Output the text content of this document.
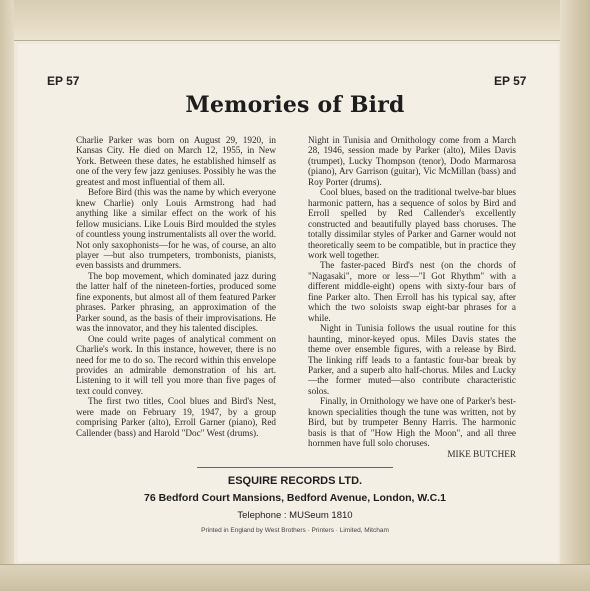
EP 57	EP 57
Memories of Bird

Charlie Parker was born on August 29, 1920, in Kansas City. He died on March 12, 1955, in New York. Between these dates, he established himself as one of the very few jazz geniuses. Possibly he was the greatest and most influential of them all.

Before Bird (this was the name by which everyone knew Charlie) only Louis Armstrong had had anything like a similar effect on the work of his fellow musicians. Like Louis Bird moulded the styles of countless young instrumentalists all over the world. Not only saxophonists—for he was, of course, an alto player —but also trumpeters, trombonists, pianists, even bassists and drummers.

The bop movement, which dominated jazz during the latter half of the nineteen-forties, produced some fine exponents, but almost all of them featured Parker phrases. Parker phrasing, an approximation of the Parker sound, as the basis of their improvisations. He was the innovator, and they his talented disciples.

One could write pages of analytical comment on Charlie's work. In this instance, however, there is no need for me to do so. The record within this envelope provides an admirable demonstration of his art. Listening to it will tell you more than five pages of text could convey.

The first two titles, Cool blues and Bird's Nest, were made on February 19, 1947, by a group comprising Parker (alto), Erroll Garner (piano), Red Callender (bass) and Harold "Doc" West (drums).

Night in Tunisia and Ornithology come from a March 28, 1946, session made by Parker (alto), Miles Davis (trumpet), Lucky Thompson (tenor), Dodo Marmarosa (piano), Arv Garrison (guitar), Vic McMillan (bass) and Roy Porter (drums).

Cool blues, based on the traditional twelve-bar blues harmonic pattern, has a sequence of solos by Bird and Erroll spelled by Red Callender's excellently constructed and beautifully played bass choruses. The totally dissimilar styles of Parker and Garner would not theoretically seem to be compatible, but in practice they work well together.

The faster-paced Bird's nest (on the chords of "Nagasaki", more or less—"I Got Rhythm" with a different middle-eight) opens with sixty-four bars of fine Parker alto. Then Erroll has his typical say, after which the two soloists swap eight-bar phrases for a while.

Night in Tunisia follows the usual routine for this haunting, minor-keyed opus. Miles Davis states the theme over ensemble figures, with a release by Bird. The linking riff leads to a fantastic four-bar break by Parker, and a superb alto half-chorus. Miles and Lucky—the former muted—also contribute characteristic solos.

Finally, in Ornithology we have one of Parker's best-known specialities though the tune was written, not by Bird, but by trumpeter Benny Harris. The harmonic basis is that of "How High the Moon", and all three hornmen have full solo choruses.

MIKE BUTCHER
ESQUIRE RECORDS LTD.
76 Bedford Court Mansions, Bedford Avenue, London, W.C.1
Telephone : MUSeum 1810
Printed in England by West Brothers · Printers · Limited, Mitcham
